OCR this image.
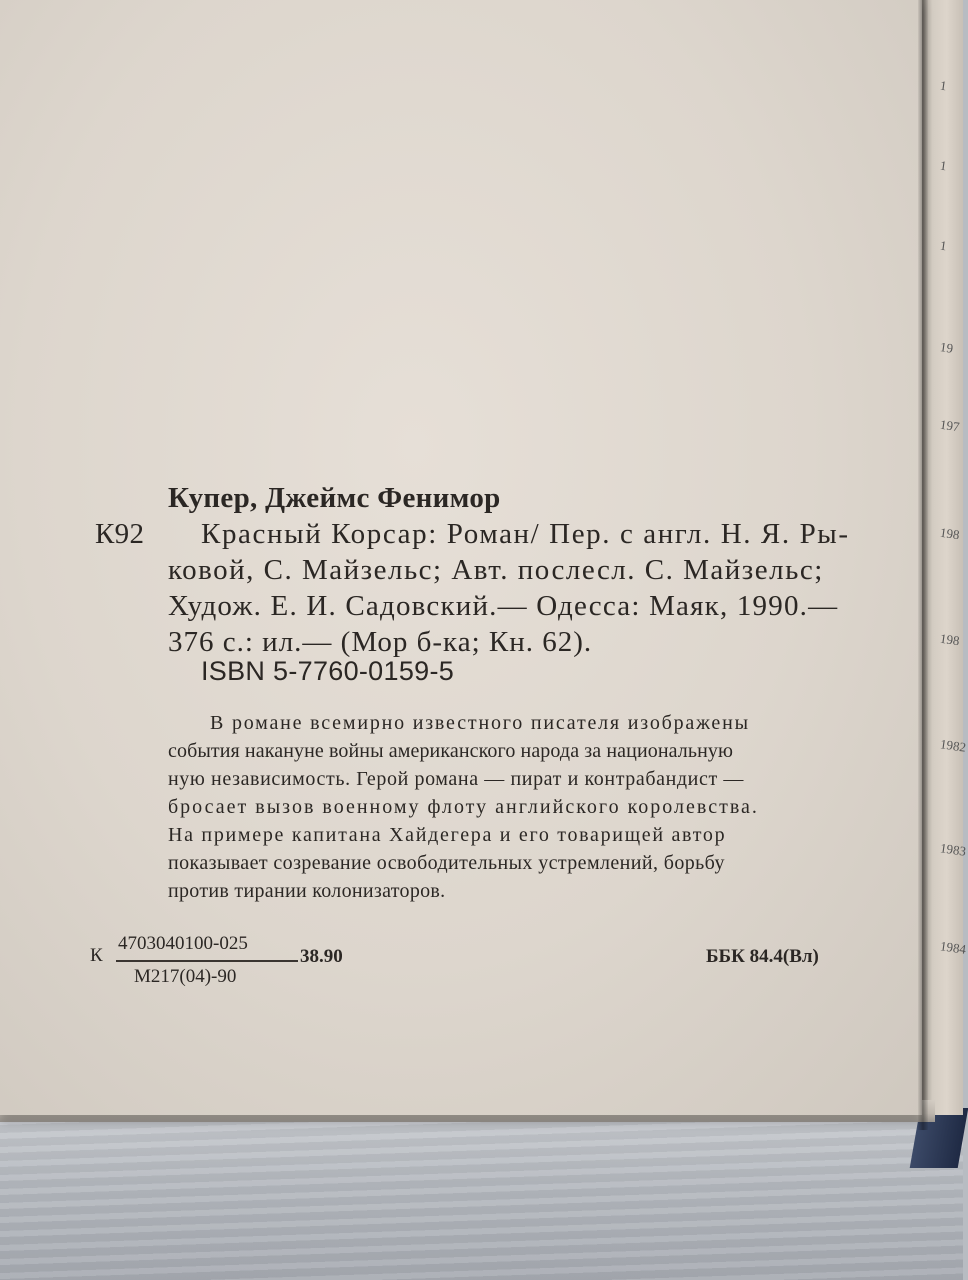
1
1
1
19
197
198
198
1982
1983
1984
Купер, Джеймс Фенимор
К92 Красный Корсар: Роман/ Пер. с англ. Н. Я. Ры-
ковой, С. Майзельс; Авт. послесл. С. Майзельс;
Худож. Е. И. Садовский.— Одесса: Маяк, 1990.—
376 с.: ил.— (Мор б-ка; Кн. 62).
ISBN 5-7760-0159-5
В романе всемирно известного писателя изображены
события накануне войны американского народа за национальную
ную независимость. Герой романа — пират и контрабандист —
бросает вызов военному флоту английского королевства.
На примере капитана Хайдегера и его товарищей автор
показывает созревание освободительных устремлений, борьбу
против тирании колонизаторов.
К
4703040100-025
М217(04)-90
38.90	ББК 84.4(Вл)
